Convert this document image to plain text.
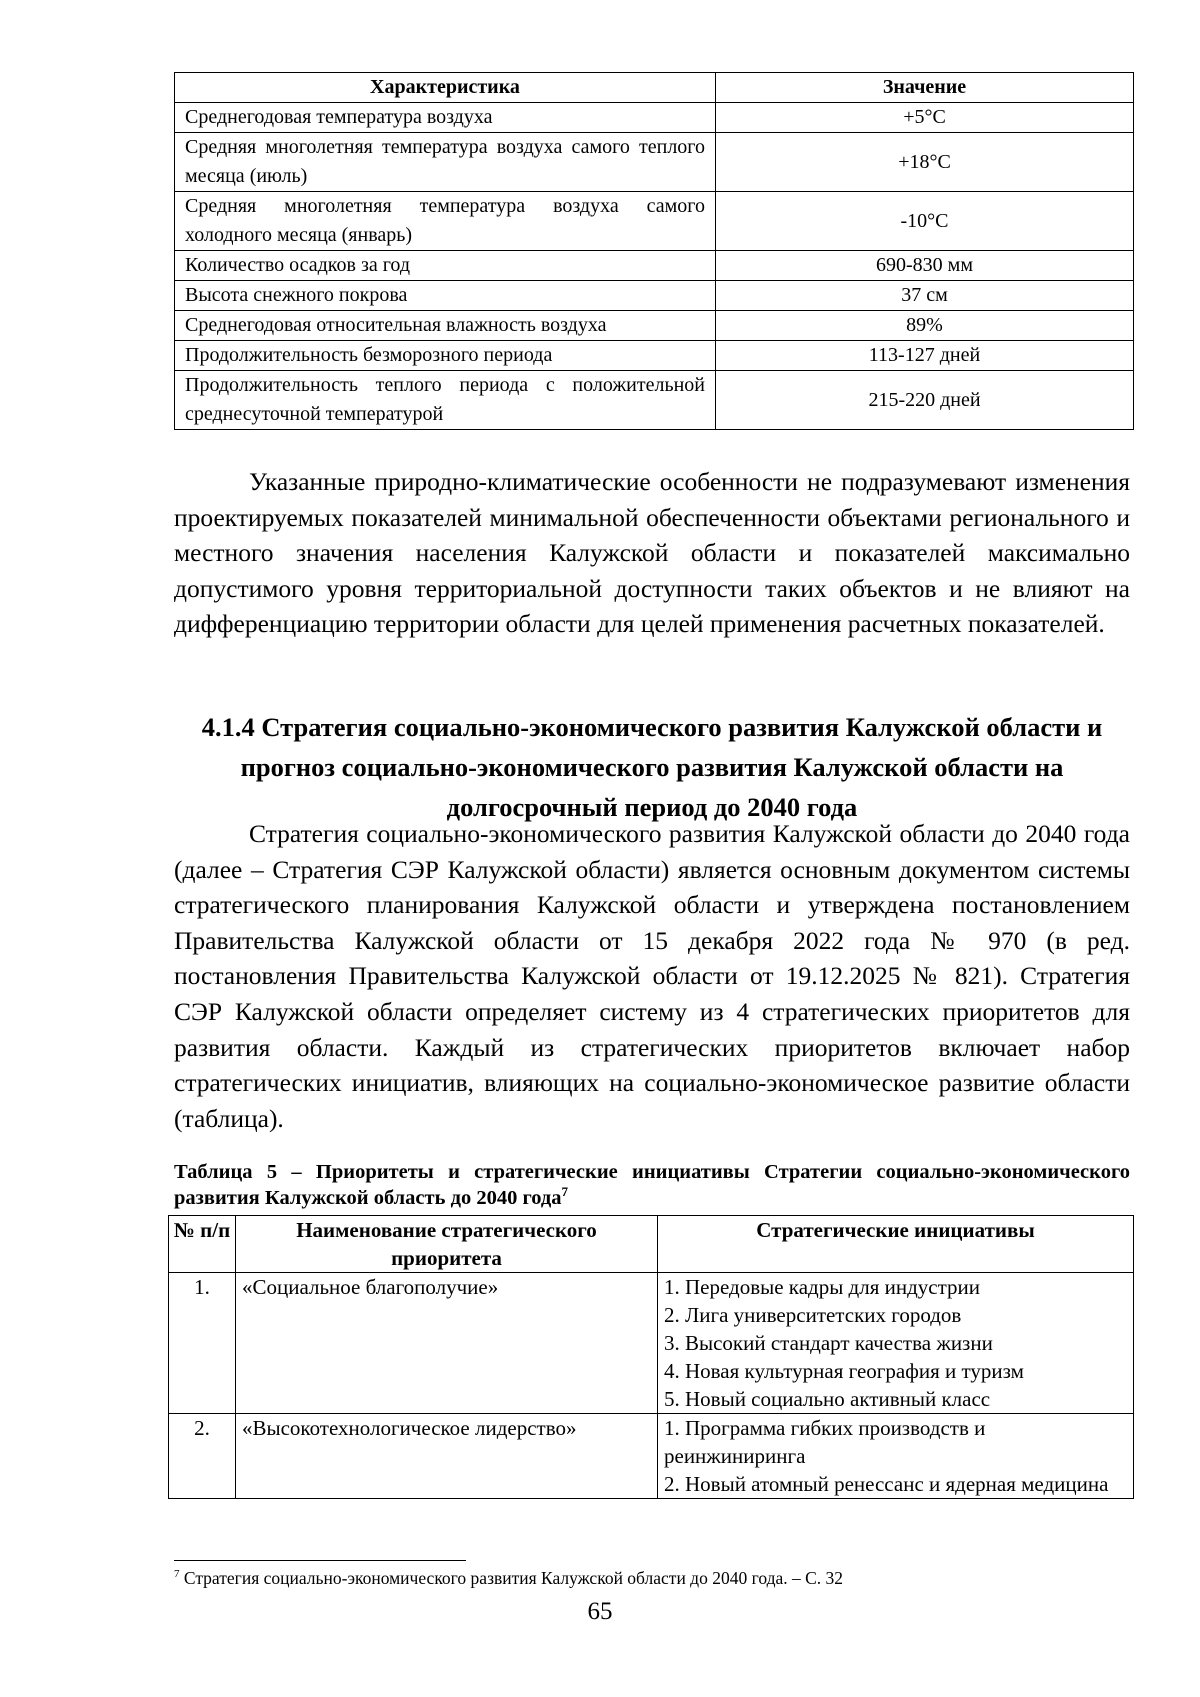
Характеристика	Значение
Среднегодовая температура воздуха	+5°C
Средняя многолетняя температура воздуха самого теплого месяца (июль)	+18°C
Средняя многолетняя температура воздуха самого холодного месяца (январь)	-10°C
Количество осадков за год	690-830 мм
Высота снежного покрова	37 см
Среднегодовая относительная влажность воздуха	89%
Продолжительность безморозного периода	113-127 дней
Продолжительность теплого периода с положительной среднесуточной температурой	215-220 дней

Указанные природно-климатические особенности не подразумевают изменения проектируемых показателей минимальной обеспеченности объектами регионального и местного значения населения Калужской области и показателей максимально допустимого уровня территориальной доступности таких объектов и не влияют на дифференциацию территории области для целей применения расчетных показателей.

4.1.4 Стратегия социально-экономического развития Калужской области и прогноз социально-экономического развития Калужской области на долгосрочный период до 2040 года

Стратегия социально-экономического развития Калужской области до 2040 года (далее – Стратегия СЭР Калужской области) является основным документом системы стратегического планирования Калужской области и утверждена постановлением Правительства Калужской области от 15 декабря 2022 года № 970 (в ред. постановления Правительства Калужской области от 19.12.2025 № 821). Стратегия СЭР Калужской области определяет систему из 4 стратегических приоритетов для развития области. Каждый из стратегических приоритетов включает набор стратегических инициатив, влияющих на социально-экономическое развитие области (таблица).

Таблица 5 – Приоритеты и стратегические инициативы Стратегии социально-экономического развития Калужской область до 2040 года$^7$

№ п/п	Наименование стратегического приоритета	Стратегические инициативы
1.	«Социальное благополучие»	1. Передовые кадры для индустрии
2. Лига университетских городов
3. Высокий стандарт качества жизни
4. Новая культурная география и туризм
5. Новый социально активный класс

2.	«Высокотехнологическое лидерство»	1. Программа гибких производств и реинжиниринга
2. Новый атомный ренессанс и ядерная медицина

$^7$ Стратегия социально-экономического развития Калужской области до 2040 года. – С. 32

65
